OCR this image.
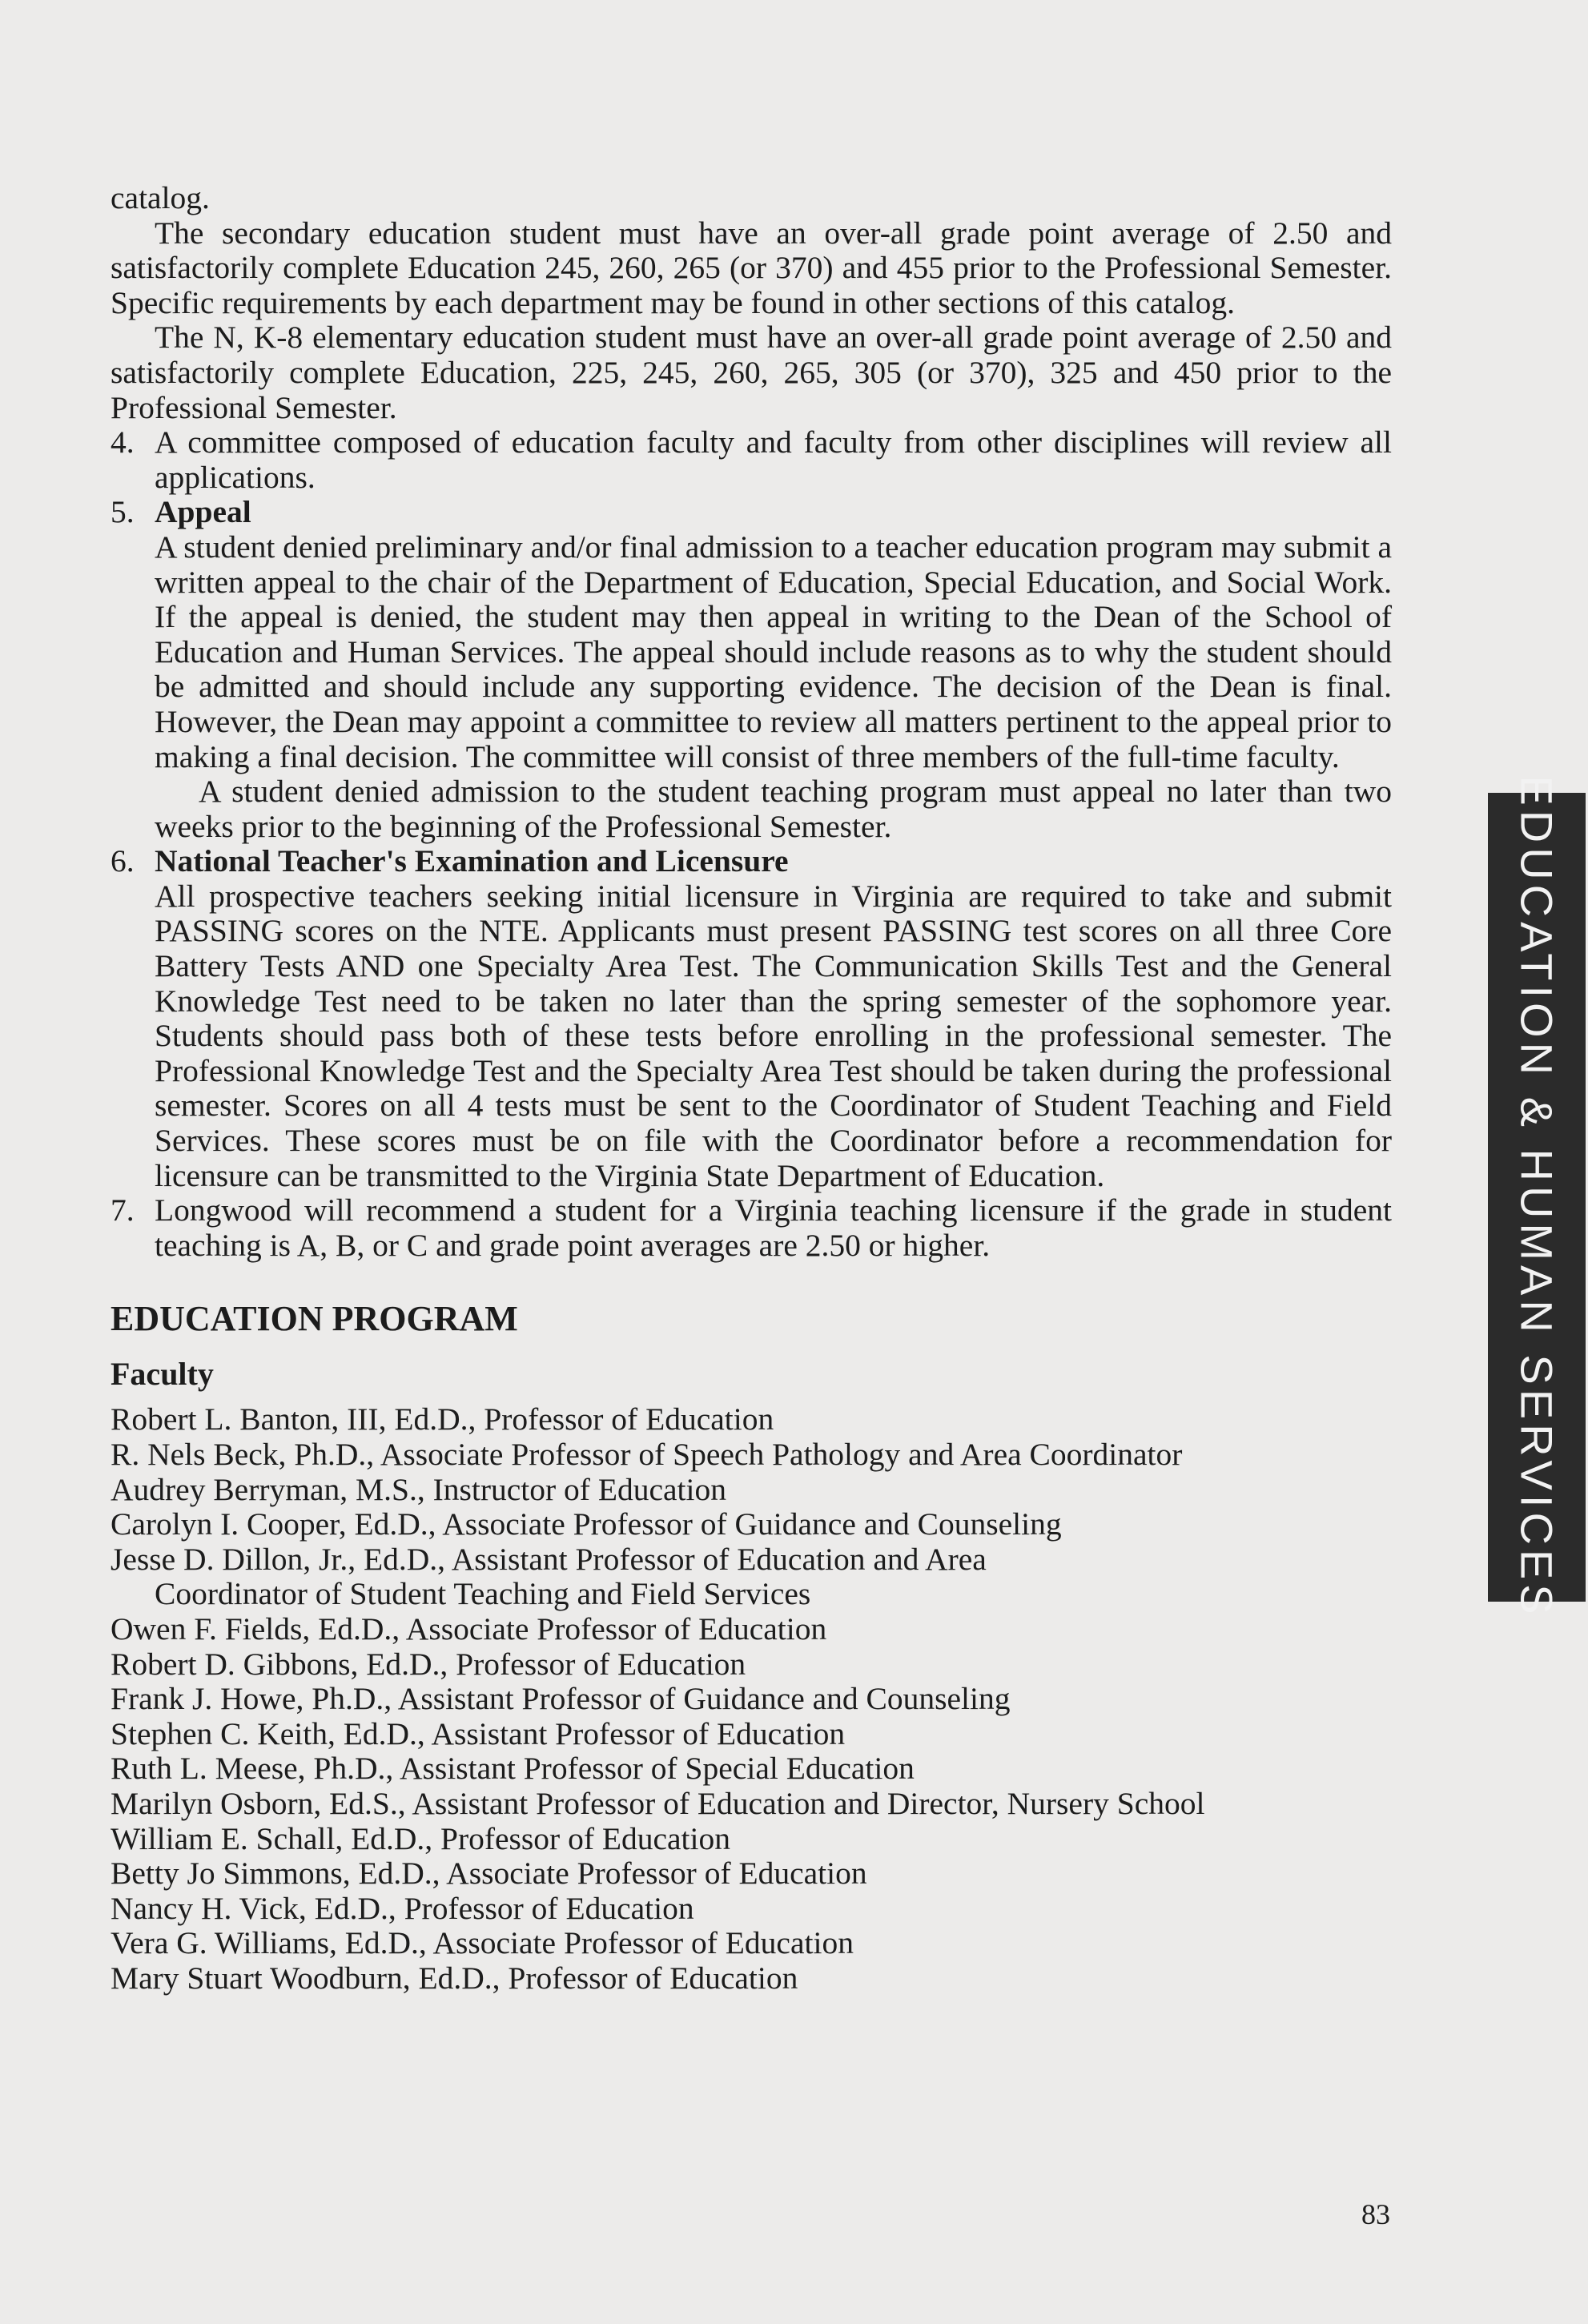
catalog.

The secondary education student must have an over-all grade point average of 2.50 and satisfactorily complete Education 245, 260, 265 (or 370) and 455 prior to the Professional Semester. Specific requirements by each department may be found in other sections of this catalog.

The N, K-8 elementary education student must have an over-all grade point average of 2.50 and satisfactorily complete Education, 225, 245, 260, 265, 305 (or 370), 325 and 450 prior to the Professional Semester.

4. A committee composed of education faculty and faculty from other disciplines will review all applications.

5. Appeal

A student denied preliminary and/or final admission to a teacher education program may submit a written appeal to the chair of the Department of Education, Special Education, and Social Work. If the appeal is denied, the student may then appeal in writing to the Dean of the School of Education and Human Services. The appeal should include reasons as to why the student should be admitted and should include any supporting evidence. The decision of the Dean is final. However, the Dean may appoint a committee to review all matters pertinent to the appeal prior to making a final decision. The committee will consist of three members of the full-time faculty.

A student denied admission to the student teaching program must appeal no later than two weeks prior to the beginning of the Professional Semester.

6. National Teacher's Examination and Licensure

All prospective teachers seeking initial licensure in Virginia are required to take and submit PASSING scores on the NTE. Applicants must present PASSING test scores on all three Core Battery Tests AND one Specialty Area Test. The Communication Skills Test and the General Knowledge Test need to be taken no later than the spring semester of the sophomore year. Students should pass both of these tests before enrolling in the professional semester. The Professional Knowledge Test and the Specialty Area Test should be taken during the professional semester. Scores on all 4 tests must be sent to the Coordinator of Student Teaching and Field Services. These scores must be on file with the Coordinator before a recommendation for licensure can be transmitted to the Virginia State Department of Education.

7. Longwood will recommend a student for a Virginia teaching licensure if the grade in student teaching is A, B, or C and grade point averages are 2.50 or higher.

EDUCATION PROGRAM
Faculty
Robert L. Banton, III, Ed.D., Professor of Education
R. Nels Beck, Ph.D., Associate Professor of Speech Pathology and Area Coordinator
Audrey Berryman, M.S., Instructor of Education
Carolyn I. Cooper, Ed.D., Associate Professor of Guidance and Counseling
Jesse D. Dillon, Jr., Ed.D., Assistant Professor of Education and Area
Coordinator of Student Teaching and Field Services
Owen F. Fields, Ed.D., Associate Professor of Education
Robert D. Gibbons, Ed.D., Professor of Education
Frank J. Howe, Ph.D., Assistant Professor of Guidance and Counseling
Stephen C. Keith, Ed.D., Assistant Professor of Education
Ruth L. Meese, Ph.D., Assistant Professor of Special Education
Marilyn Osborn, Ed.S., Assistant Professor of Education and Director, Nursery School
William E. Schall, Ed.D., Professor of Education
Betty Jo Simmons, Ed.D., Associate Professor of Education
Nancy H. Vick, Ed.D., Professor of Education
Vera G. Williams, Ed.D., Associate Professor of Education
Mary Stuart Woodburn, Ed.D., Professor of Education
EDUCATION & HUMAN SERVICES
83
